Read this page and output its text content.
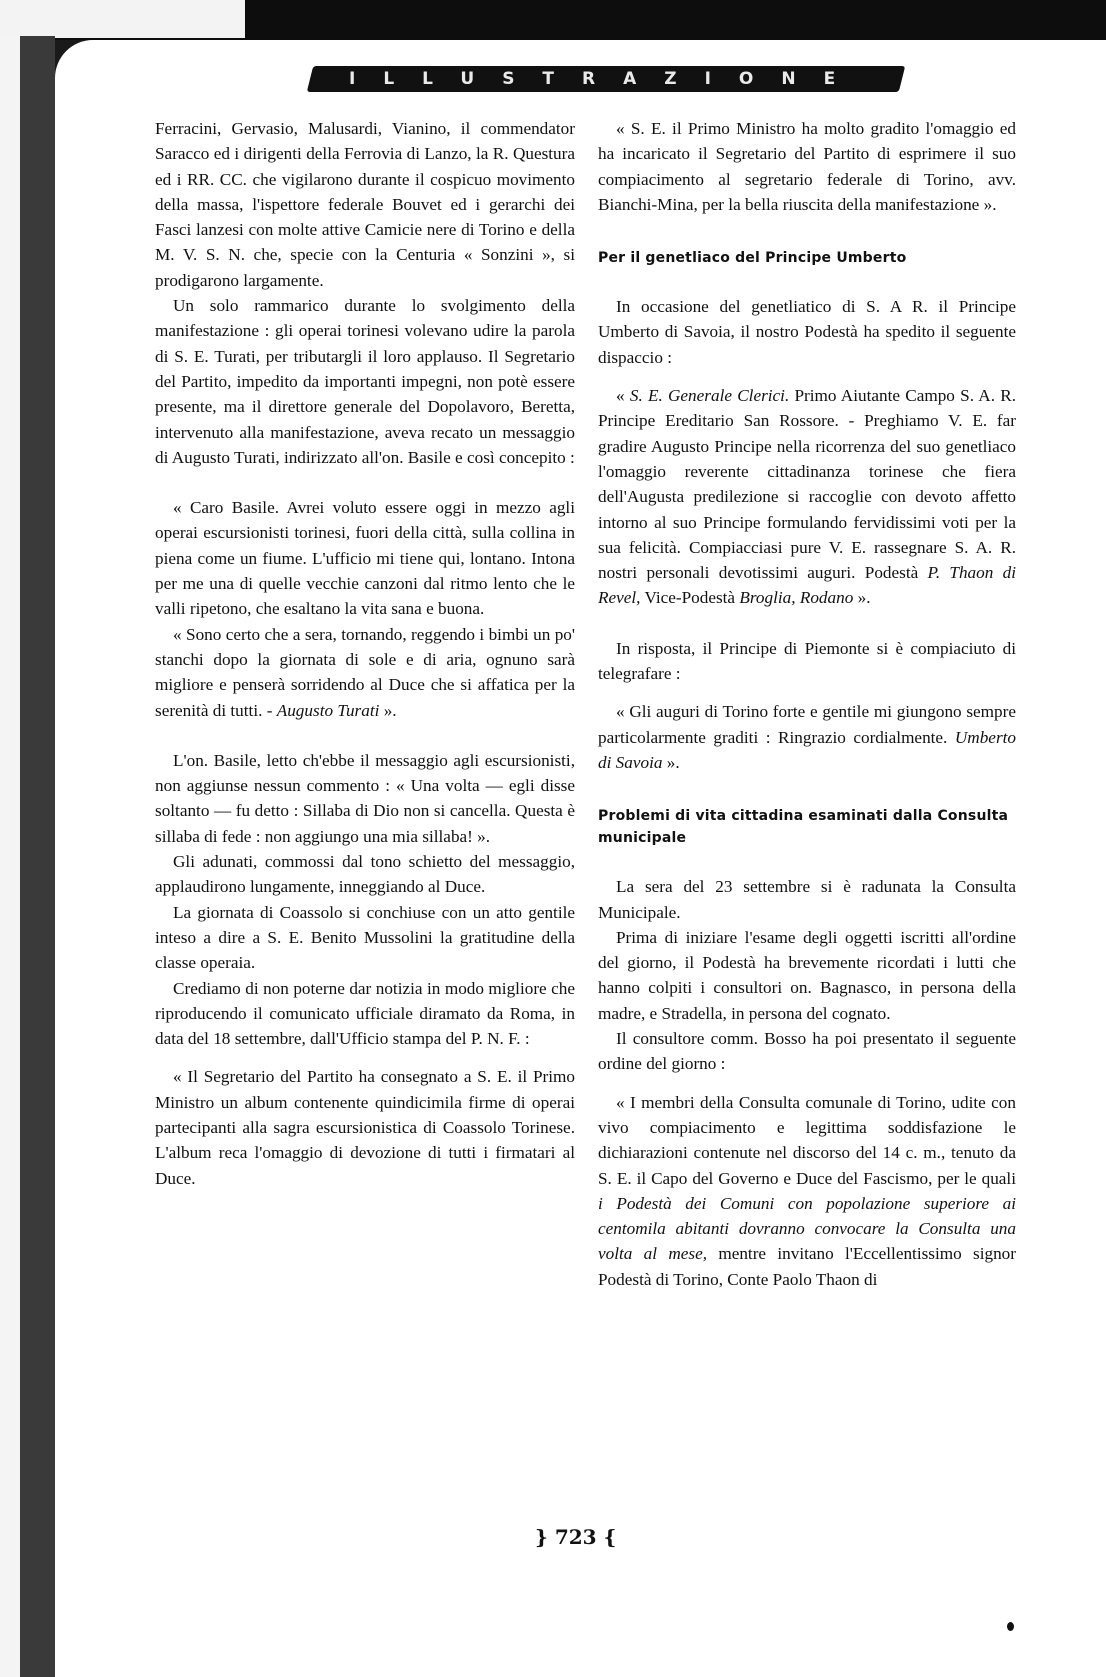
ILLUSTRAZIONE

Ferracini, Gervasio, Malusardi, Vianino, il commendator Saracco ed i dirigenti della Ferrovia di Lanzo, la R. Questura ed i RR. CC. che vigilarono durante il cospicuo movimento della massa, l'ispettore federale Bouvet ed i gerarchi dei Fasci lanzesi con molte attive Camicie nere di Torino e della M. V. S. N. che, specie con la Centuria « Sonzini », si prodigarono largamente.

Un solo rammarico durante lo svolgimento della manifestazione : gli operai torinesi volevano udire la parola di S. E. Turati, per tributargli il loro applauso. Il Segretario del Partito, impedito da importanti impegni, non potè essere presente, ma il direttore generale del Dopolavoro, Beretta, intervenuto alla manifestazione, aveva recato un messaggio di Augusto Turati, indirizzato all'on. Basile e così concepito :

« Caro Basile. Avrei voluto essere oggi in mezzo agli operai escursionisti torinesi, fuori della città, sulla collina in piena come un fiume. L'ufficio mi tiene qui, lontano. Intona per me una di quelle vecchie canzoni dal ritmo lento che le valli ripetono, che esaltano la vita sana e buona.

« Sono certo che a sera, tornando, reggendo i bimbi un po' stanchi dopo la giornata di sole e di aria, ognuno sarà migliore e penserà sorridendo al Duce che si affatica per la serenità di tutti. - Augusto Turati ».

L'on. Basile, letto ch'ebbe il messaggio agli escursionisti, non aggiunse nessun commento : « Una volta — egli disse soltanto — fu detto : Sillaba di Dio non si cancella. Questa è sillaba di fede : non aggiungo una mia sillaba! ».

Gli adunati, commossi dal tono schietto del messaggio, applaudirono lungamente, inneggiando al Duce.

La giornata di Coassolo si conchiuse con un atto gentile inteso a dire a S. E. Benito Mussolini la gratitudine della classe operaia.

Crediamo di non poterne dar notizia in modo migliore che riproducendo il comunicato ufficiale diramato da Roma, in data del 18 settembre, dall'Ufficio stampa del P. N. F. :

« Il Segretario del Partito ha consegnato a S. E. il Primo Ministro un album contenente quindicimila firme di operai partecipanti alla sagra escursionistica di Coassolo Torinese. L'album reca l'omaggio di devozione di tutti i firmatari al Duce.

« S. E. il Primo Ministro ha molto gradito l'omaggio ed ha incaricato il Segretario del Partito di esprimere il suo compiacimento al segretario federale di Torino, avv. Bianchi-Mina, per la bella riuscita della manifestazione ».

Per il genetliaco del Principe Umberto

In occasione del genetliatico di S. A R. il Principe Umberto di Savoia, il nostro Podestà ha spedito il seguente dispaccio :

« S. E. Generale Clerici. Primo Aiutante Campo S. A. R. Principe Ereditario San Rossore. - Preghiamo V. E. far gradire Augusto Principe nella ricorrenza del suo genetliaco l'omaggio reverente cittadinanza torinese che fiera dell'Augusta predilezione si raccoglie con devoto affetto intorno al suo Principe formulando fervidissimi voti per la sua felicità. Compiacciasi pure V. E. rassegnare S. A. R. nostri personali devotissimi auguri. Podestà P. Thaon di Revel, Vice-Podestà Broglia, Rodano ».

In risposta, il Principe di Piemonte si è compiaciuto di telegrafare :

« Gli auguri di Torino forte e gentile mi giungono sempre particolarmente graditi : Ringrazio cordialmente. Umberto di Savoia ».

Problemi di vita cittadina esaminati dalla Consulta municipale

La sera del 23 settembre si è radunata la Consulta Municipale.

Prima di iniziare l'esame degli oggetti iscritti all'ordine del giorno, il Podestà ha brevemente ricordati i lutti che hanno colpiti i consultori on. Bagnasco, in persona della madre, e Stradella, in persona del cognato.

Il consultore comm. Bosso ha poi presentato il seguente ordine del giorno :

« I membri della Consulta comunale di Torino, udite con vivo compiacimento e legittima soddisfazione le dichiarazioni contenute nel discorso del 14 c. m., tenuto da S. E. il Capo del Governo e Duce del Fascismo, per le quali i Podestà dei Comuni con popolazione superiore ai centomila abitanti dovranno convocare la Consulta una volta al mese, mentre invitano l'Eccellentissimo signor Podestà di Torino, Conte Paolo Thaon di

} 723 {
